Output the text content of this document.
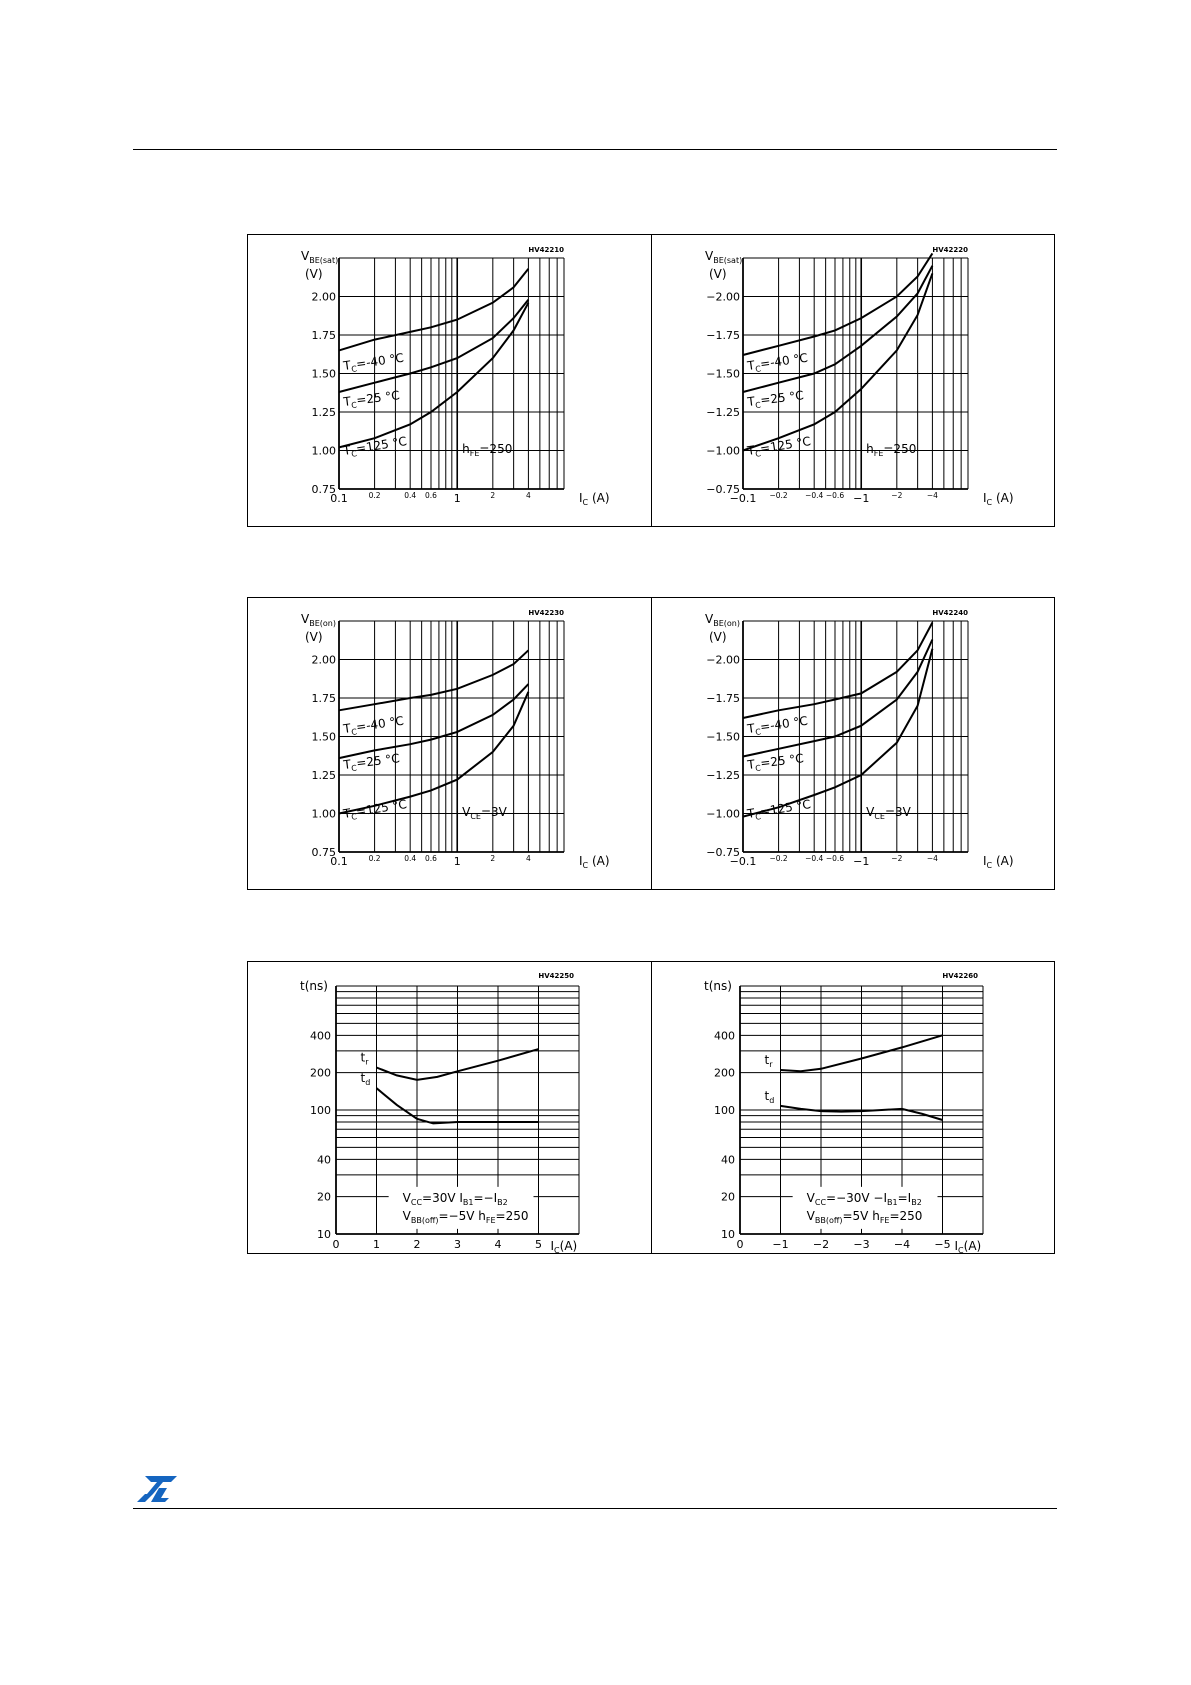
HV42210
$V_{BE(sat)}$
(V)
2.00
1.75
1.50
1.25
1.00
0.75
0.1	0.2	0.4 0.6 1	2	4	$I_C$ (A)
$T_C=-40$ °C
$T_C=25$ °C
$T_C=125$ °C	$h_{FE}=250$
HV42220
$V_{BE(sat)}$
(V)
−2.00
−1.75
−1.50
−1.25
−1.00
−0.75
−0.1 −0.2 −0.4 −0.6 −1	−2	−4	$I_C$ (A)
$T_C=-40$ °C
$T_C=25$ °C
$T_C=125$ °C	$h_{FE}=250$
HV42230
$V_{BE(on)}$
(V)
2.00
1.75
1.50
1.25
1.00
0.75
0.1	0.2	0.4 0.6 1	2	4	$I_C$ (A)
$T_C=-40$ °C
$T_C=25$ °C
$T_C=125$ °C	$V_{CE}=3V$
HV42240
$V_{BE(on)}$
(V)
−2.00
−1.75
−1.50
−1.25
−1.00
−0.75
−0.1 −0.2 −0.4 −0.6 −1	−2	−4	$I_C$ (A)
$T_C=-40$ °C
$T_C=25$ °C
$T_C=125$ °C	$V_{CE}=3V$
HV42250
t(ns)
400
200
100
40
20
10
0	1	2	3	4	5 $I_C(A)$
$t_r$
$t_d$
$V_{CC}=30V$ $I_{B1}=-I_{B2}$
$V_{BB(off)}=-5V$ $h_{FE}=250$
HV42260
t(ns)
400
200
100
40
20
10
0	−1 −2 −3 −4 −5 $I_C(A)$
$t_r$
$t_d$
$V_{CC}=-30V -I_{B1}=I_{B2}$
$V_{BB(off)}=5V$ $h_{FE}=250$
